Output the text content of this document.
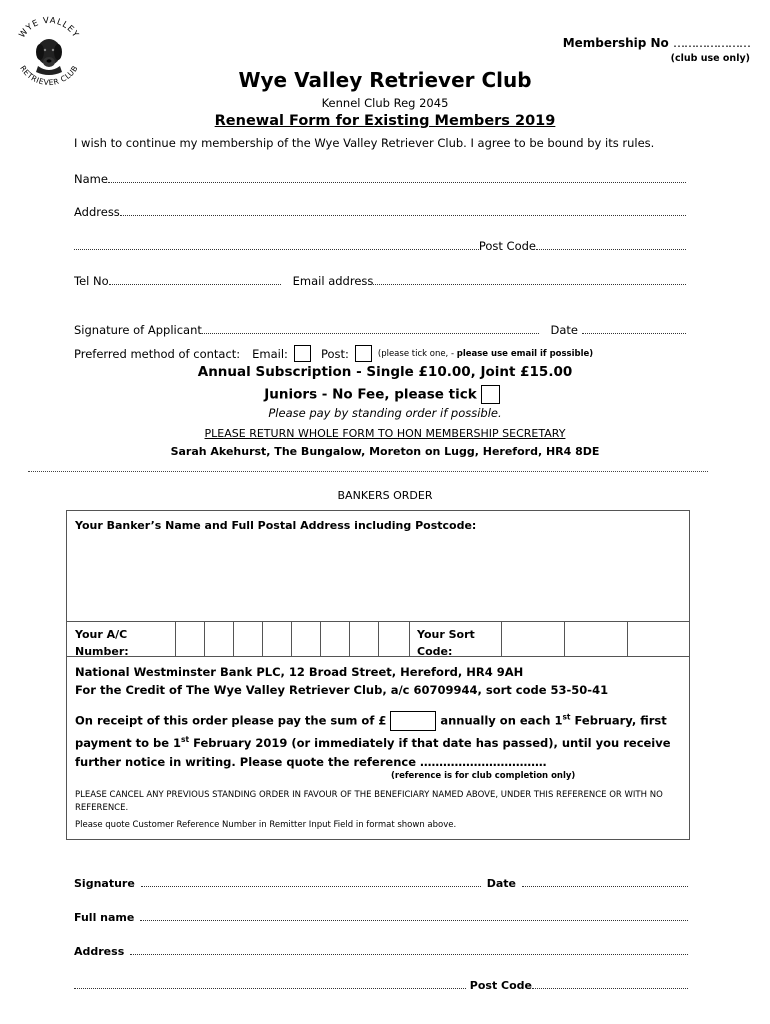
WYE VALLEY
RETRIEVER CLUB
Membership No …………………
(club use only)
Wye Valley Retriever Club
Kennel Club Reg 2045
Renewal Form for Existing Members 2019
I wish to continue my membership of the Wye Valley Retriever Club. I agree to be bound by its rules.
Name
Address
Post Code
Tel No	Email address
Signature of Applicant	Date
Preferred method of contact: Email:	Post:	(please tick one, - please use email if possible)
Annual Subscription - Single £10.00, Joint £15.00
Juniors - No Fee, please tick
Please pay by standing order if possible.
PLEASE RETURN WHOLE FORM TO HON MEMBERSHIP SECRETARY
Sarah Akehurst, The Bungalow, Moreton on Lugg, Hereford, HR4 8DE
BANKERS ORDER
Your Banker’s Name and Full Postal Address including Postcode:
Your A/C
Number:
Your Sort
Code:
National Westminster Bank PLC, 12 Broad Street, Hereford, HR4 9AH
For the Credit of The Wye Valley Retriever Club, a/c 60709944, sort code 53-50-41
On receipt of this order please pay the sum of £	annually on each 1st February, first
payment to be 1st February 2019 (or immediately if that date has passed), until you receive
further notice in writing. Please quote the reference ……………………………
(reference is for club completion only)
PLEASE CANCEL ANY PREVIOUS STANDING ORDER IN FAVOUR OF THE BENEFICIARY NAMED ABOVE, UNDER THIS REFERENCE OR WITH NO REFERENCE.
Please quote Customer Reference Number in Remitter Input Field in format shown above.
Signature	Date
Full name
Address
Post Code
